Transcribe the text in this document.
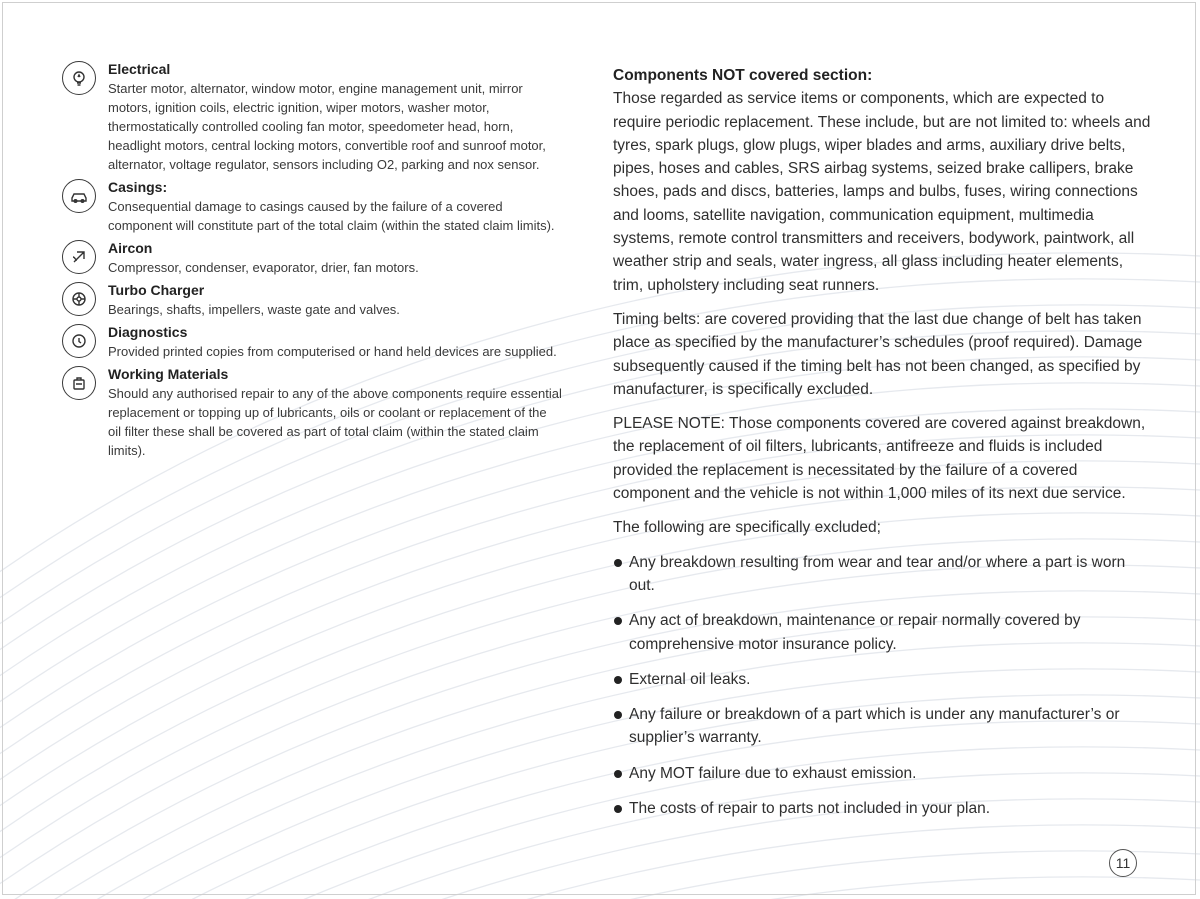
Electrical
Starter motor, alternator, window motor, engine management unit, mirror motors, ignition coils, electric ignition, wiper motors, washer motor, thermostatically controlled cooling fan motor, speedometer head, horn, headlight motors, central locking motors, convertible roof and sunroof motor, alternator, voltage regulator, sensors including O2, parking and nox sensor.
Casings:
Consequential damage to casings caused by the failure of a covered component will constitute part of the total claim (within the stated claim limits).
Aircon
Compressor, condenser, evaporator, drier, fan motors.
Turbo Charger
Bearings, shafts, impellers, waste gate and valves.
Diagnostics
Provided printed copies from computerised or hand held devices are supplied.
Working Materials
Should any authorised repair to any of the above components require essential replacement or topping up of lubricants, oils or coolant or replacement of the oil filter these shall be covered as part of total claim (within the stated claim limits).
Components NOT covered section:

Those regarded as service items or components, which are expected to require periodic replacement. These include, but are not limited to: wheels and tyres, spark plugs, glow plugs, wiper blades and arms, auxiliary drive belts, pipes, hoses and cables, SRS airbag systems, seized brake callipers, brake shoes, pads and discs, batteries, lamps and bulbs, fuses, wiring connections and looms, satellite navigation, communication equipment, multimedia systems, remote control transmitters and receivers, bodywork, paintwork, all weather strip and seals, water ingress, all glass including heater elements, trim, upholstery including seat runners.

Timing belts: are covered providing that the last due change of belt has taken place as specified by the manufacturer’s schedules (proof required). Damage subsequently caused if the timing belt has not been changed, as specified by manufacturer, is specifically excluded.

PLEASE NOTE: Those components covered are covered against breakdown, the replacement of oil filters, lubricants, antifreeze and fluids is included provided the replacement is necessitated by the failure of a covered component and the vehicle is not within 1,000 miles of its next due service.

The following are specifically excluded;

Any breakdown resulting from wear and tear and/or where a part is worn out.
Any act of breakdown, maintenance or repair normally covered by comprehensive motor insurance policy.
External oil leaks.
Any failure or breakdown of a part which is under any manufacturer’s or supplier’s warranty.
Any MOT failure due to exhaust emission.
The costs of repair to parts not included in your plan.
11
